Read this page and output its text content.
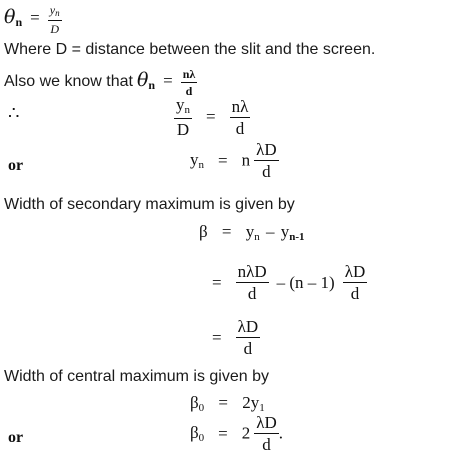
$\theta_n = \frac{y_n}{D}$
Where D = distance between the slit and the screen.
Also we know that $\theta_n = \frac{n\lambda}{d}$
∴	$\frac{y_n}{D} = \frac{n\lambda}{d}$
or	$y_n = n \frac{\lambda D}{d}$
Width of secondary maximum is given by
$\beta = y_n - y_{n-1}$
= $\frac{\text{nλD}}{d} - (n - 1) \frac{\lambda D}{d}$
= $\frac{\lambda D}{d}$
Width of central maximum is given by
$\beta_0 = 2y_1$
or	$\beta_0 = 2 \frac{\lambda D}{d}$ .
